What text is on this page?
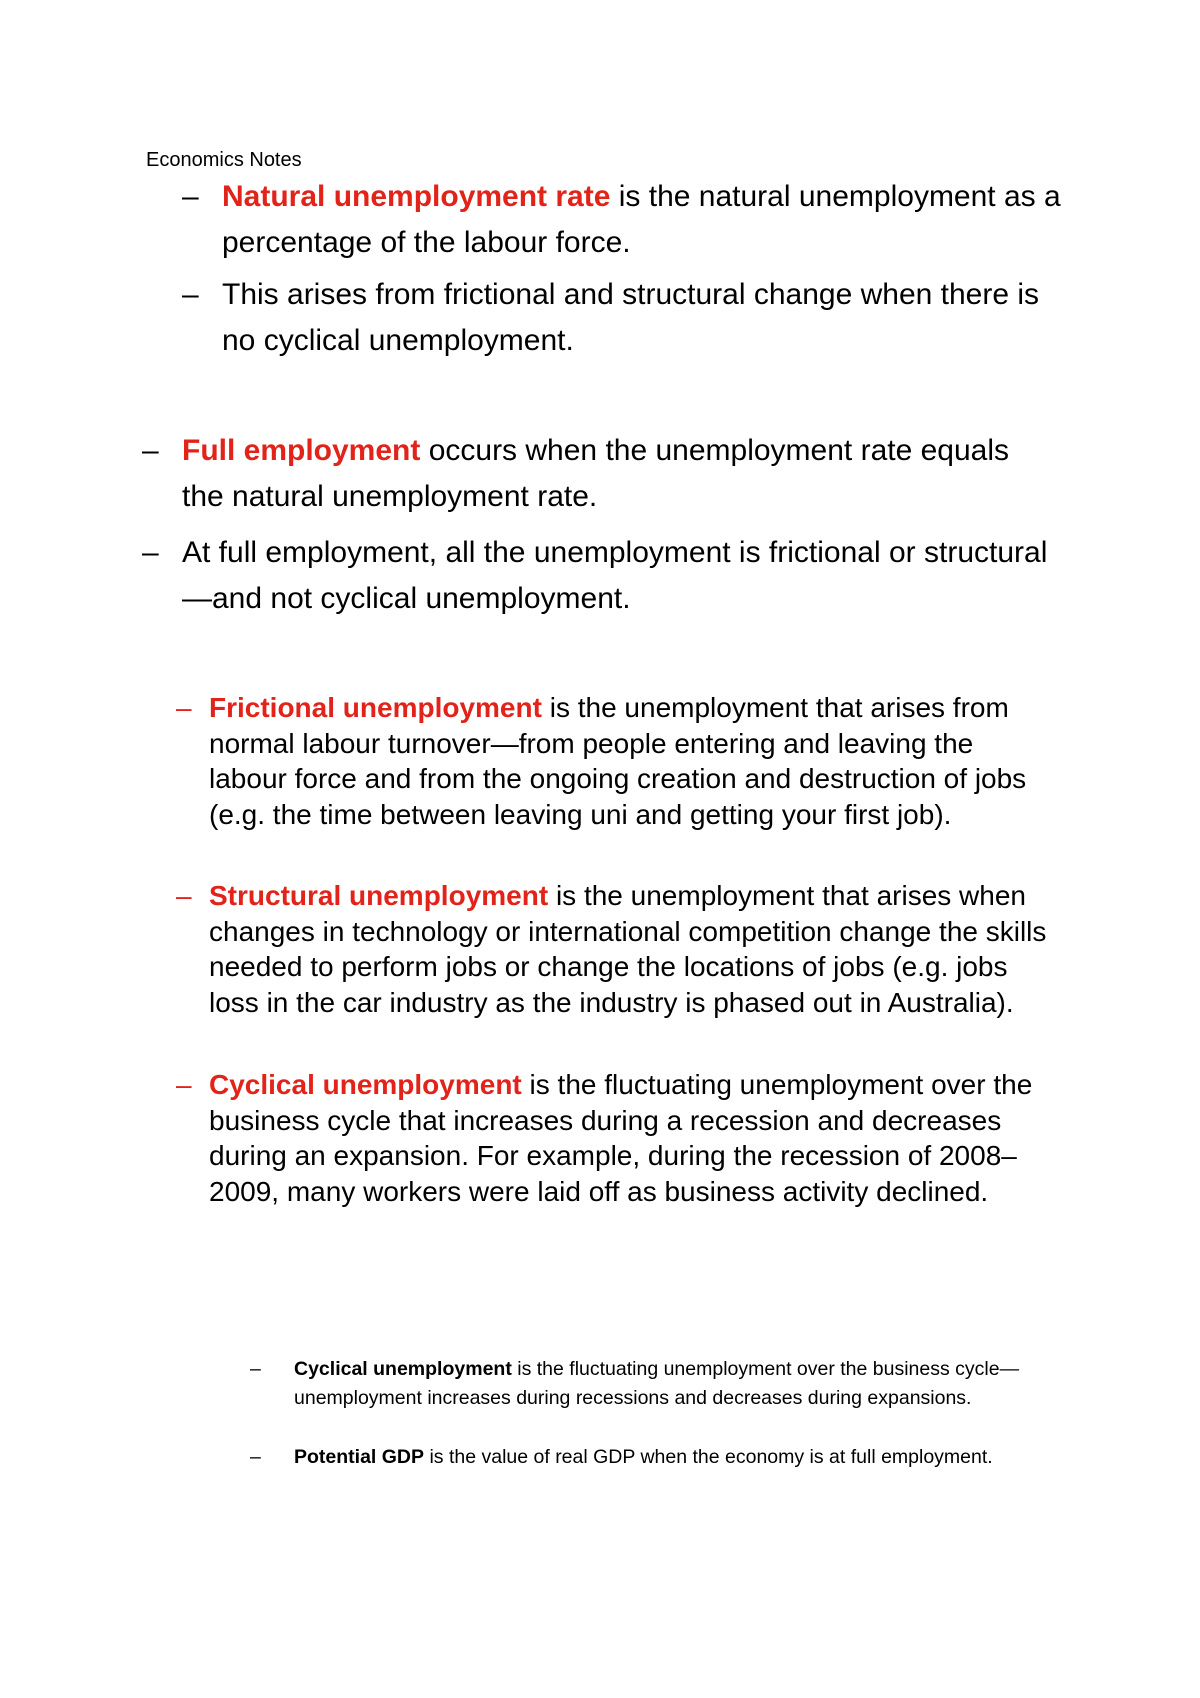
Economics Notes
– Natural unemployment rate is the natural unemployment as a percentage of the labour force.
– This arises from frictional and structural change when there is no cyclical unemployment.
– Full employment occurs when the unemployment rate equals the natural unemployment rate.
– At full employment, all the unemployment is frictional or structural—and not cyclical unemployment.
– Frictional unemployment is the unemployment that arises from normal labour turnover—from people entering and leaving the labour force and from the ongoing creation and destruction of jobs (e.g. the time between leaving uni and getting your first job).
– Structural unemployment is the unemployment that arises when changes in technology or international competition change the skills needed to perform jobs or change the locations of jobs (e.g. jobs loss in the car industry as the industry is phased out in Australia).
– Cyclical unemployment is the fluctuating unemployment over the business cycle that increases during a recession and decreases during an expansion. For example, during the recession of 2008–2009, many workers were laid off as business activity declined.
–	Cyclical unemployment is the fluctuating unemployment over the business cycle—unemployment increases during recessions and decreases during expansions.
–	Potential GDP is the value of real GDP when the economy is at full employment.
